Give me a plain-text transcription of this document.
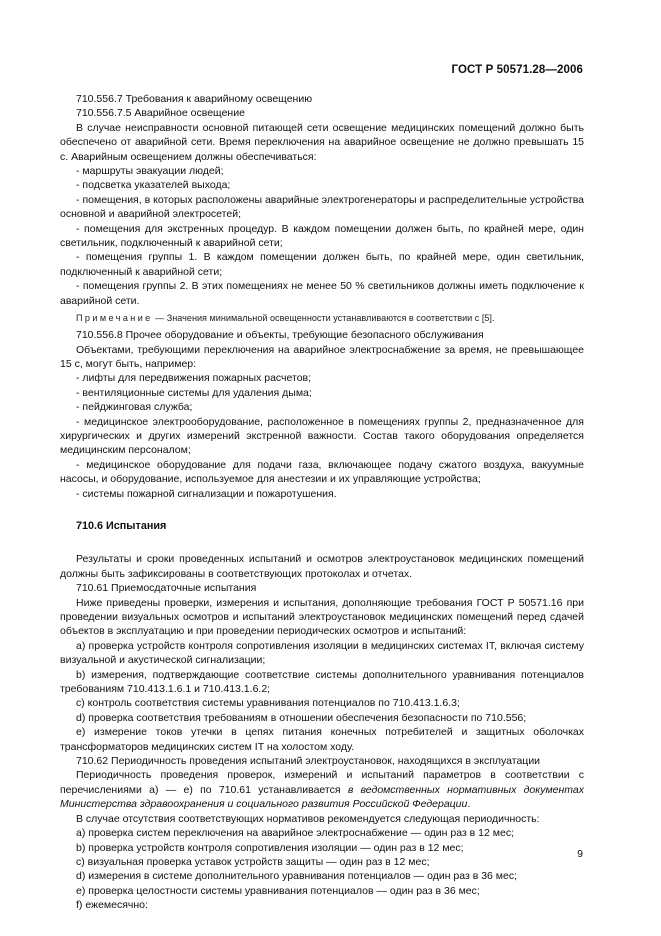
ГОСТ Р 50571.28—2006

710.556.7 Требования к аварийному освещению

710.556.7.5 Аварийное освещение

В случае неисправности основной питающей сети освещение медицинских помещений должно быть обеспечено от аварийной сети. Время переключения на аварийное освещение не должно превышать 15 с. Аварийным освещением должны обеспечиваться:

- маршруты эвакуации людей;

- подсветка указателей выхода;

- помещения, в которых расположены аварийные электрогенераторы и распределительные устройства основной и аварийной электросетей;

- помещения для экстренных процедур. В каждом помещении должен быть, по крайней мере, один светильник, подключенный к аварийной сети;

- помещения группы 1. В каждом помещении должен быть, по крайней мере, один светильник, подключенный к аварийной сети;

- помещения группы 2. В этих помещениях не менее 50 % светильников должны иметь подключение к аварийной сети.

Примечание — Значения минимальной освещенности устанавливаются в соответствии с [5].

710.556.8 Прочее оборудование и объекты, требующие безопасного обслуживания

Объектами, требующими переключения на аварийное электроснабжение за время, не превышающее 15 с, могут быть, например:

- лифты для передвижения пожарных расчетов;

- вентиляционные системы для удаления дыма;

- пейджинговая служба;

- медицинское электрооборудование, расположенное в помещениях группы 2, предназначенное для хирургических и других измерений экстренной важности. Состав такого оборудования определяется медицинским персоналом;

- медицинское оборудование для подачи газа, включающее подачу сжатого воздуха, вакуумные насосы, и оборудование, используемое для анестезии и их управляющие устройства;

- системы пожарной сигнализации и пожаротушения.

710.6 Испытания

Результаты и сроки проведенных испытаний и осмотров электроустановок медицинских помещений должны быть зафиксированы в соответствующих протоколах и отчетах.

710.61 Приемосдаточные испытания

Ниже приведены проверки, измерения и испытания, дополняющие требования ГОСТ Р 50571.16 при проведении визуальных осмотров и испытаний электроустановок медицинских помещений перед сдачей объектов в эксплуатацию и при проведении периодических осмотров и испытаний:

a) проверка устройств контроля сопротивления изоляции в медицинских системах IT, включая систему визуальной и акустической сигнализации;

b) измерения, подтверждающие соответствие системы дополнительного уравнивания потенциалов требованиям 710.413.1.6.1 и 710.413.1.6.2;

c) контроль соответствия системы уравнивания потенциалов по 710.413.1.6.3;

d) проверка соответствия требованиям в отношении обеспечения безопасности по 710.556;

e) измерение токов утечки в цепях питания конечных потребителей и защитных оболочках трансформаторов медицинских систем IT на холостом ходу.

710.62 Периодичность проведения испытаний электроустановок, находящихся в эксплуатации

Периодичность проведения проверок, измерений и испытаний параметров в соответствии с перечислениями а) — е) по 710.61 устанавливается в ведомственных нормативных документах Министерства здравоохранения и социального развития Российской Федерации.

В случае отсутствия соответствующих нормативов рекомендуется следующая периодичность:

a) проверка систем переключения на аварийное электроснабжение — один раз в 12 мес;

b) проверка устройств контроля сопротивления изоляции — один раз в 12 мес;

c) визуальная проверка уставок устройств защиты — один раз в 12 мес;

d) измерения в системе дополнительного уравнивания потенциалов — один раз в 36 мес;

e) проверка целостности системы уравнивания потенциалов — один раз в 36 мес;

f) ежемесячно:

9
